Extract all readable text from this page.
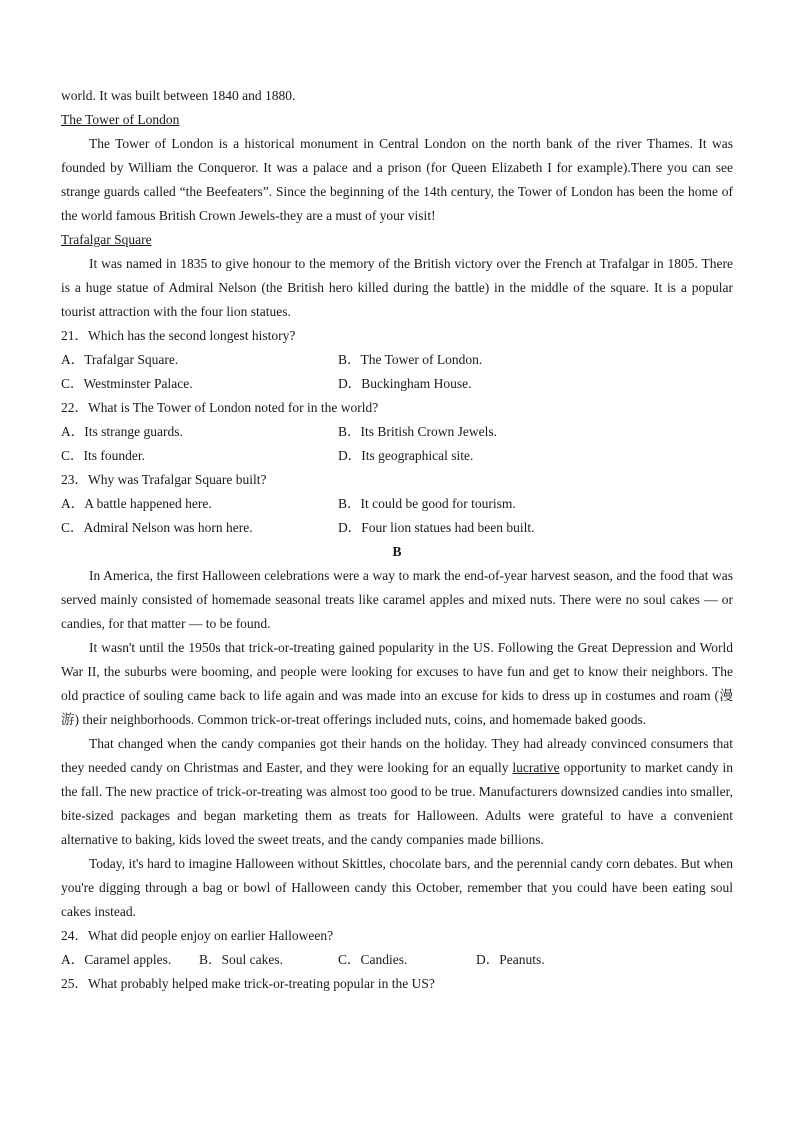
world. It was built between 1840 and 1880.
The Tower of London

The Tower of London is a historical monument in Central London on the north bank of the river Thames. It was founded by William the Conqueror. It was a palace and a prison (for Queen Elizabeth I for example).There you can see strange guards called “the Beefeaters”. Since the beginning of the 14th century, the Tower of London has been the home of the world famous British Crown Jewels-they are a must of your visit!

Trafalgar Square

It was named in 1835 to give honour to the memory of the British victory over the French at Trafalgar in 1805. There is a huge statue of Admiral Nelson (the British hero killed during the battle) in the middle of the square. It is a popular tourist attraction with the four lion statues.

21．Which has the second longest history?
A．Trafalgar Square.	B．The Tower of London.
C．Westminster Palace.	D．Buckingham House.
22．What is The Tower of London noted for in the world?
A．Its strange guards.	B．Its British Crown Jewels.
C．Its founder.	D．Its geographical site.
23．Why was Trafalgar Square built?
A．A battle happened here.	B．It could be good for tourism.
C．Admiral Nelson was horn here.	D．Four lion statues had been built.
B

In America, the first Halloween celebrations were a way to mark the end-of-year harvest season, and the food that was served mainly consisted of homemade seasonal treats like caramel apples and mixed nuts. There were no soul cakes — or candies, for that matter — to be found.

It wasn't until the 1950s that trick-or-treating gained popularity in the US. Following the Great Depression and World War II, the suburbs were booming, and people were looking for excuses to have fun and get to know their neighbors. The old practice of souling came back to life again and was made into an excuse for kids to dress up in costumes and roam (漫游) their neighborhoods. Common trick-or-treat offerings included nuts, coins, and homemade baked goods.

That changed when the candy companies got their hands on the holiday. They had already convinced consumers that they needed candy on Christmas and Easter, and they were looking for an equally lucrative opportunity to market candy in the fall. The new practice of trick-or-treating was almost too good to be true. Manufacturers downsized candies into smaller, bite-sized packages and began marketing them as treats for Halloween. Adults were grateful to have a convenient alternative to baking, kids loved the sweet treats, and the candy companies made billions.

Today, it's hard to imagine Halloween without Skittles, chocolate bars, and the perennial candy corn debates. But when you're digging through a bag or bowl of Halloween candy this October, remember that you could have been eating soul cakes instead.

24．What did people enjoy on earlier Halloween?
A．Caramel apples. B．Soul cakes.	C．Candies.	D．Peanuts.
25．What probably helped make trick-or-treating popular in the US?
